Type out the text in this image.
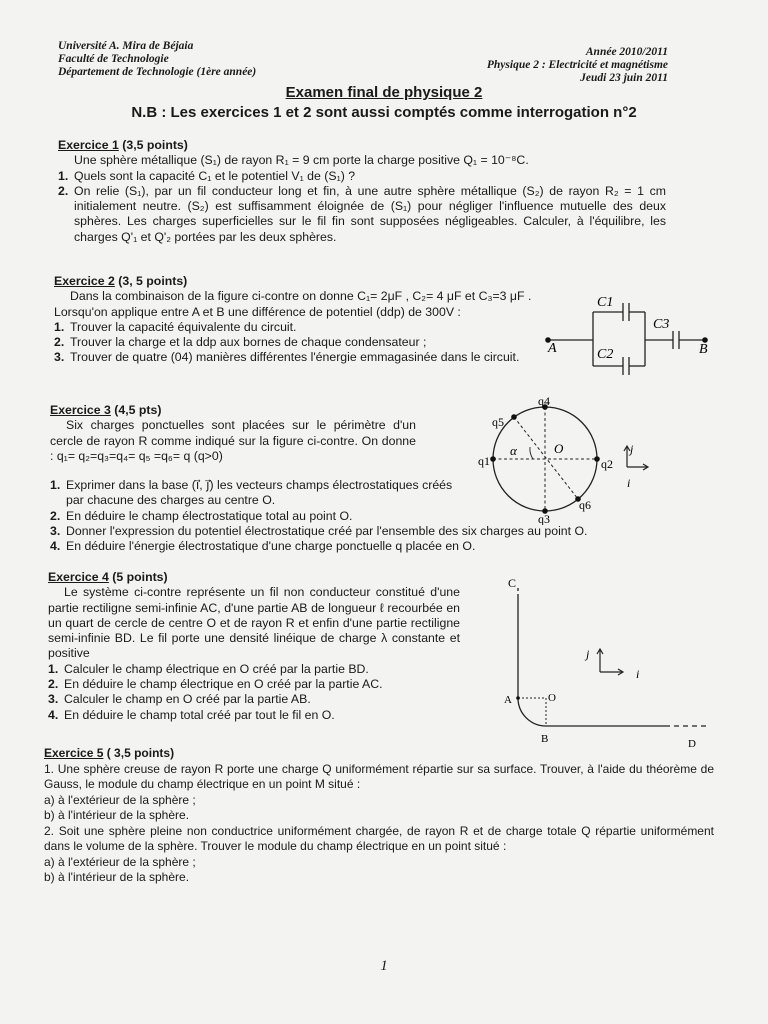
Université A. Mira de Béjaia
Faculté de Technologie
Département de Technologie (1ère année)
Année 2010/2011
Physique 2 : Electricité et magnétisme
Jeudi 23 juin 2011
Examen final de physique 2
N.B : Les exercices 1 et 2 sont aussi comptés comme interrogation n°2
Exercice 1 (3,5 points)

Une sphère métallique (S₁) de rayon R₁ = 9 cm porte la charge positive Q₁ = 10⁻⁸C.

1. Quels sont la capacité C₁ et le potentiel V₁ de (S₁) ?

2. On relie (S₁), par un fil conducteur long et fin, à une autre sphère métallique (S₂) de rayon R₂ = 1 cm initialement neutre. (S₂) est suffisamment éloignée de (S₁) pour négliger l'influence mutuelle des deux sphères. Les charges superficielles sur le fil fin sont supposées négligeables. Calculer, à l'équilibre, les charges Q'₁ et Q'₂ portées par les deux sphères.

Exercice 2 (3, 5 points)

Dans la combinaison de la figure ci-contre on donne C₁= 2μF , C₂= 4 μF et C₃=3 μF . Lorsqu'on applique entre A et B une différence de potentiel (ddp) de 300V :

1. Trouver la capacité équivalente du circuit.

2. Trouver la charge et la ddp aux bornes de chaque condensateur ;

3. Trouver de quatre (04) manières différentes l'énergie emmagasinée dans le circuit.

C1
C2
C3
A	B
Exercice 3 (4,5 pts)

Six charges ponctuelles sont placées sur le périmètre d'un cercle de rayon R comme indiqué sur la figure ci-contre. On donne : q₁= q₂=q₃=q₄= q₅ =q₆= q (q>0)

1. Exprimer dans la base (i⃗, j⃗) les vecteurs champs électrostatiques créés par chacune des charges au centre O.

2. En déduire le champ électrostatique total au point O.

3. Donner l'expression du potentiel électrostatique créé par l'ensemble des six charges au point O.

4. En déduire l'énergie électrostatique d'une charge ponctuelle q placée en O.

q1	q2
q3
q4
q5
q6
O
α	j
i
Exercice 4 (5 points)

Le système ci-contre représente un fil non conducteur constitué d'une partie rectiligne semi-infinie AC, d'une partie AB de longueur ℓ recourbée en un quart de cercle de centre O et de rayon R et enfin d'une partie rectiligne semi-infinie BD. Le fil porte une densité linéique de charge λ constante et positive

1. Calculer le champ électrique en O créé par la partie BD.

2. En déduire le champ électrique en O créé par la partie AC.

3. Calculer le champ en O créé par la partie AB.

4. En déduire le champ total créé par tout le fil en O.

C
A	O
B	D
j
i
Exercice 5 ( 3,5 points)

1. Une sphère creuse de rayon R porte une charge Q uniformément répartie sur sa surface. Trouver, à l'aide du théorème de Gauss, le module du champ électrique en un point M situé :

a) à l'extérieur de la sphère ;

b) à l'intérieur de la sphère.

2. Soit une sphère pleine non conductrice uniformément chargée, de rayon R et de charge totale Q répartie uniformément dans le volume de la sphère. Trouver le module du champ électrique en un point situé :

a) à l'extérieur de la sphère ;

b) à l'intérieur de la sphère.

1
